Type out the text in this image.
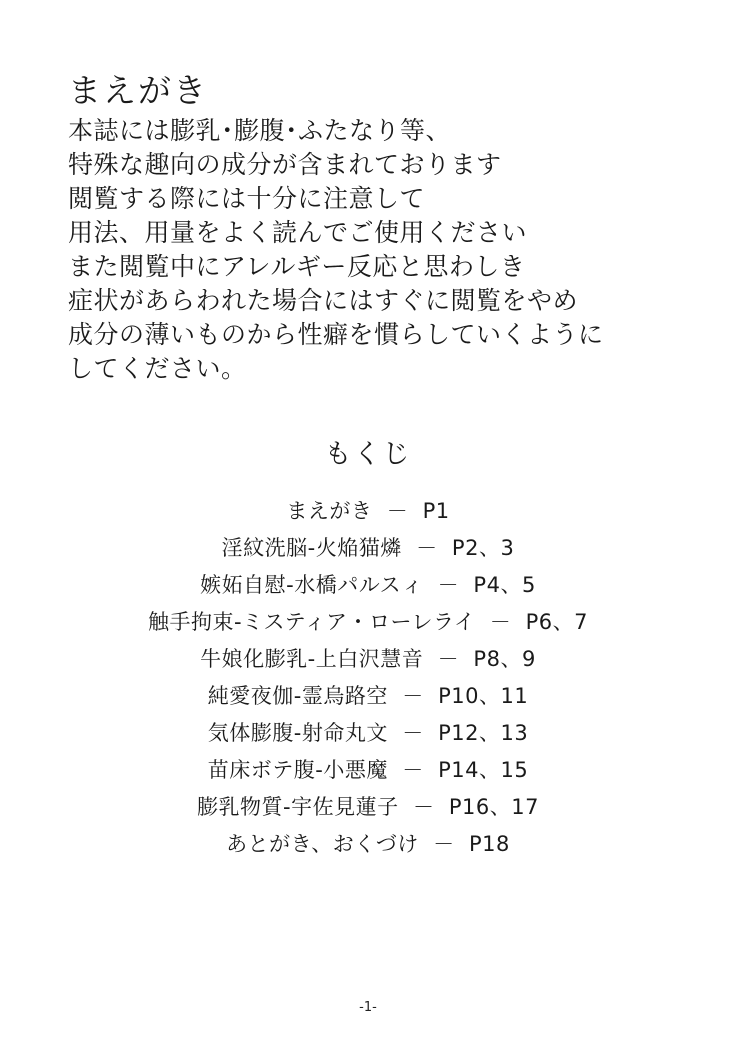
まえがき
本誌には膨乳･膨腹･ふたなり等、
特殊な趣向の成分が含まれております
閲覧する際には十分に注意して
用法、用量をよく読んでご使用ください
また閲覧中にアレルギー反応と思わしき
症状があらわれた場合にはすぐに閲覧をやめ
成分の薄いものから性癖を慣らしていくように
してください。
もくじ
まえがき  －  P1
淫紋洗脳-火焔猫燐  －  P2、3
嫉妬自慰-水橋パルスィ  －  P4、5
触手拘束-ミスティア・ローレライ  －  P6、7
牛娘化膨乳-上白沢慧音  －  P8、9
純愛夜伽-霊烏路空  －  P10、11
気体膨腹-射命丸文  －  P12、13
苗床ボテ腹-小悪魔  －  P14、15
膨乳物質-宇佐見蓮子  －  P16、17
あとがき、おくづけ  －  P18
-1-
